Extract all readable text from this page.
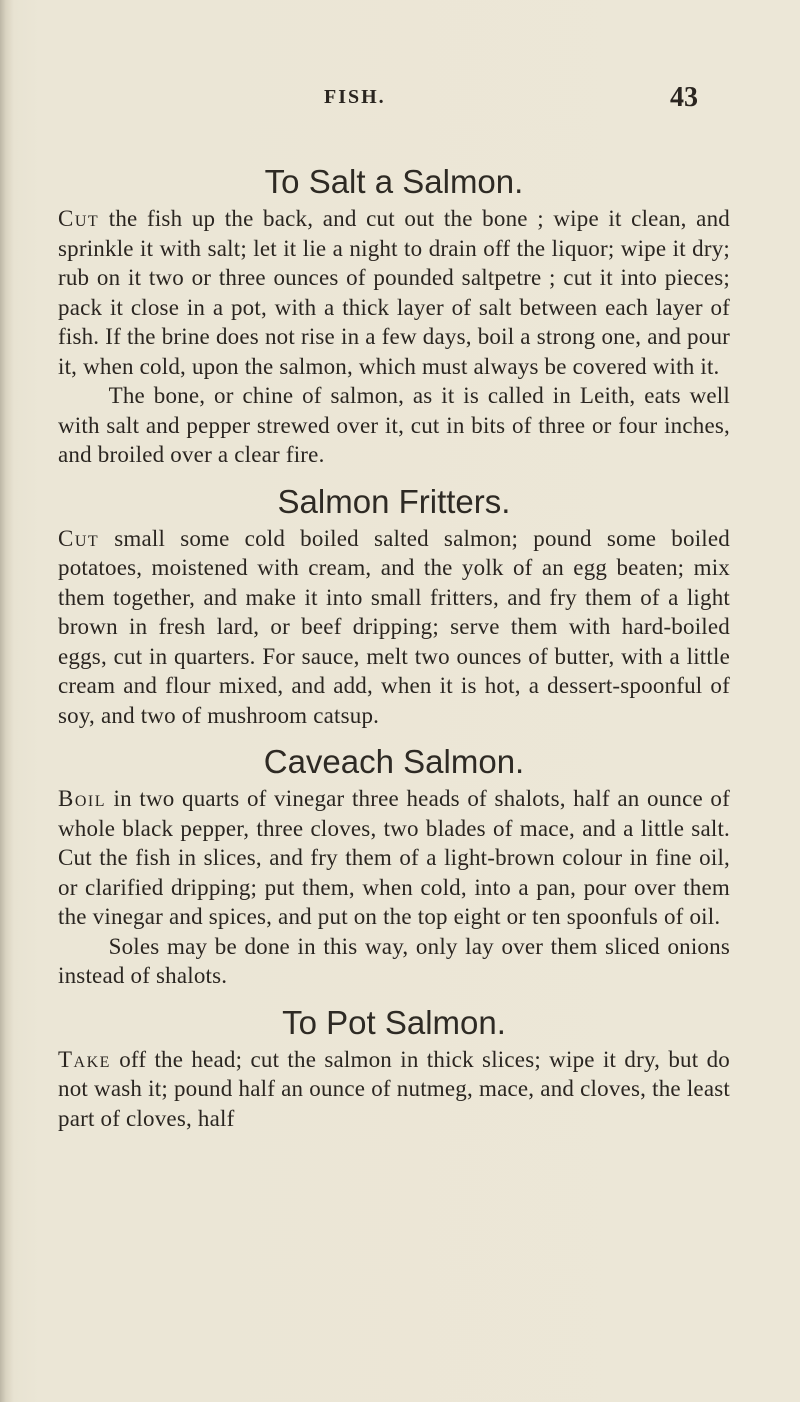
FISH.	43
To Salt a Salmon.

Cut the fish up the back, and cut out the bone ; wipe it clean, and sprinkle it with salt; let it lie a night to drain off the liquor; wipe it dry; rub on it two or three ounces of pounded saltpetre ; cut it into pieces; pack it close in a pot, with a thick layer of salt between each layer of fish. If the brine does not rise in a few days, boil a strong one, and pour it, when cold, upon the salmon, which must always be covered with it.

The bone, or chine of salmon, as it is called in Leith, eats well with salt and pepper strewed over it, cut in bits of three or four inches, and broiled over a clear fire.

Salmon Fritters.

Cut small some cold boiled salted salmon; pound some boiled potatoes, moistened with cream, and the yolk of an egg beaten; mix them together, and make it into small fritters, and fry them of a light brown in fresh lard, or beef dripping; serve them with hard-boiled eggs, cut in quarters. For sauce, melt two ounces of butter, with a little cream and flour mixed, and add, when it is hot, a dessert-spoonful of soy, and two of mushroom catsup.

Caveach Salmon.

Boil in two quarts of vinegar three heads of shalots, half an ounce of whole black pepper, three cloves, two blades of mace, and a little salt. Cut the fish in slices, and fry them of a light-brown colour in fine oil, or clarified dripping; put them, when cold, into a pan, pour over them the vinegar and spices, and put on the top eight or ten spoonfuls of oil.

Soles may be done in this way, only lay over them sliced onions instead of shalots.

To Pot Salmon.

Take off the head; cut the salmon in thick slices; wipe it dry, but do not wash it; pound half an ounce of nutmeg, mace, and cloves, the least part of cloves, half
